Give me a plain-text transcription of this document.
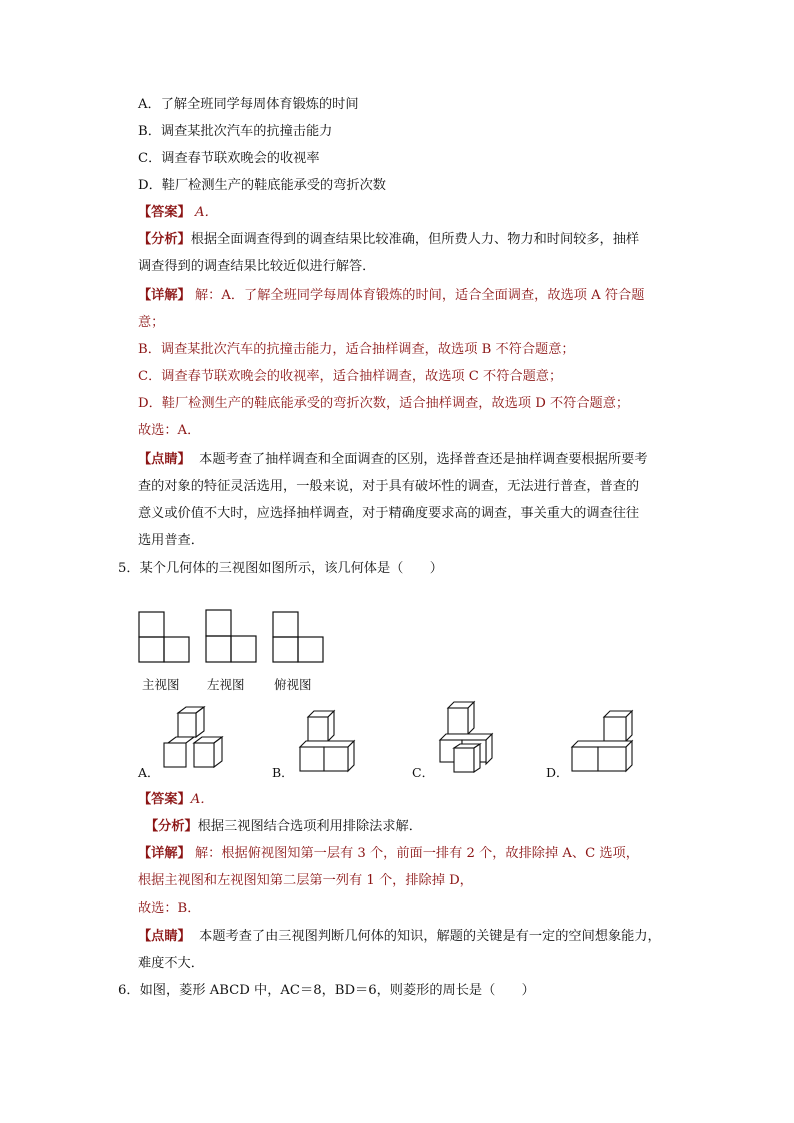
A．了解全班同学每周体育锻炼的时间
B．调查某批次汽车的抗撞击能力
C．调查春节联欢晚会的收视率
D．鞋厂检测生产的鞋底能承受的弯折次数
【答案】 A．
【分析】根据全面调查得到的调查结果比较准确，但所费人力、物力和时间较多，抽样
调查得到的调查结果比较近似进行解答．
【详解】 解：A．了解全班同学每周体育锻炼的时间，适合全面调查，故选项 A 符合题
意；
B．调查某批次汽车的抗撞击能力，适合抽样调查，故选项 B 不符合题意；
C．调查春节联欢晚会的收视率，适合抽样调查，故选项 C 不符合题意；
D．鞋厂检测生产的鞋底能承受的弯折次数，适合抽样调查，故选项 D 不符合题意；
故选：A．
【点睛】 本题考查了抽样调查和全面调查的区别，选择普查还是抽样调查要根据所要考
查的对象的特征灵活选用，一般来说，对于具有破坏性的调查，无法进行普查，普查的
意义或价值不大时，应选择抽样调查，对于精确度要求高的调查，事关重大的调查往往
选用普查．
5．某个几何体的三视图如图所示，该几何体是（　　）
主视图 左视图 俯视图
A．	B．	C．	D．
【答案】A．
【分析】根据三视图结合选项利用排除法求解．
【详解】 解：根据俯视图知第一层有 3 个，前面一排有 2 个，故排除掉 A、C 选项，
根据主视图和左视图知第二层第一列有 1 个，排除掉 D，
故选：B．
【点睛】 本题考查了由三视图判断几何体的知识，解题的关键是有一定的空间想象能力，
难度不大．
6．如图，菱形 ABCD 中，AC＝8，BD＝6，则菱形的周长是（　　）
